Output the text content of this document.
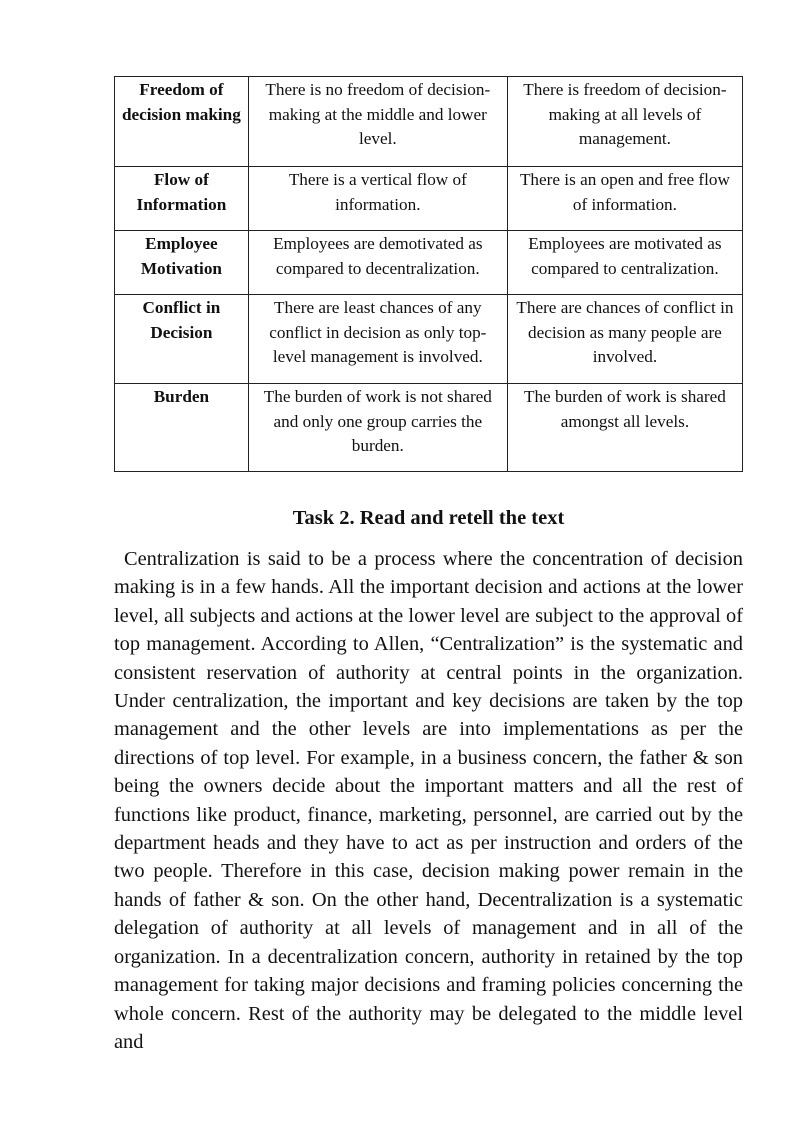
Freedom of decision making	There is no freedom of decision-making at the middle and lower level.	There is freedom of decision-making at all levels of management.
Flow of Information	There is a vertical flow of information.	There is an open and free flow of information.
Employee Motivation	Employees are demotivated as compared to decentralization.	Employees are motivated as compared to centralization.
Conflict in Decision	There are least chances of any conflict in decision as only top-level management is involved.	There are chances of conflict in decision as many people are involved.
Burden	The burden of work is not shared and only one group carries the burden.	The burden of work is shared amongst all levels.
Task 2. Read and retell the text

Centralization is said to be a process where the concentration of decision making is in a few hands. All the important decision and actions at the lower level, all subjects and actions at the lower level are subject to the approval of top management. According to Allen, “Centralization” is the systematic and consistent reservation of authority at central points in the organization. Under centralization, the important and key decisions are taken by the top management and the other levels are into implementations as per the directions of top level. For example, in a business concern, the father & son being the owners decide about the important matters and all the rest of functions like product, finance, marketing, personnel, are carried out by the department heads and they have to act as per instruction and orders of the two people. Therefore in this case, decision making power remain in the hands of father & son. On the other hand, Decentralization is a systematic delegation of authority at all levels of management and in all of the organization. In a decentralization concern, authority in retained by the top management for taking major decisions and framing policies concerning the whole concern. Rest of the authority may be delegated to the middle level and
